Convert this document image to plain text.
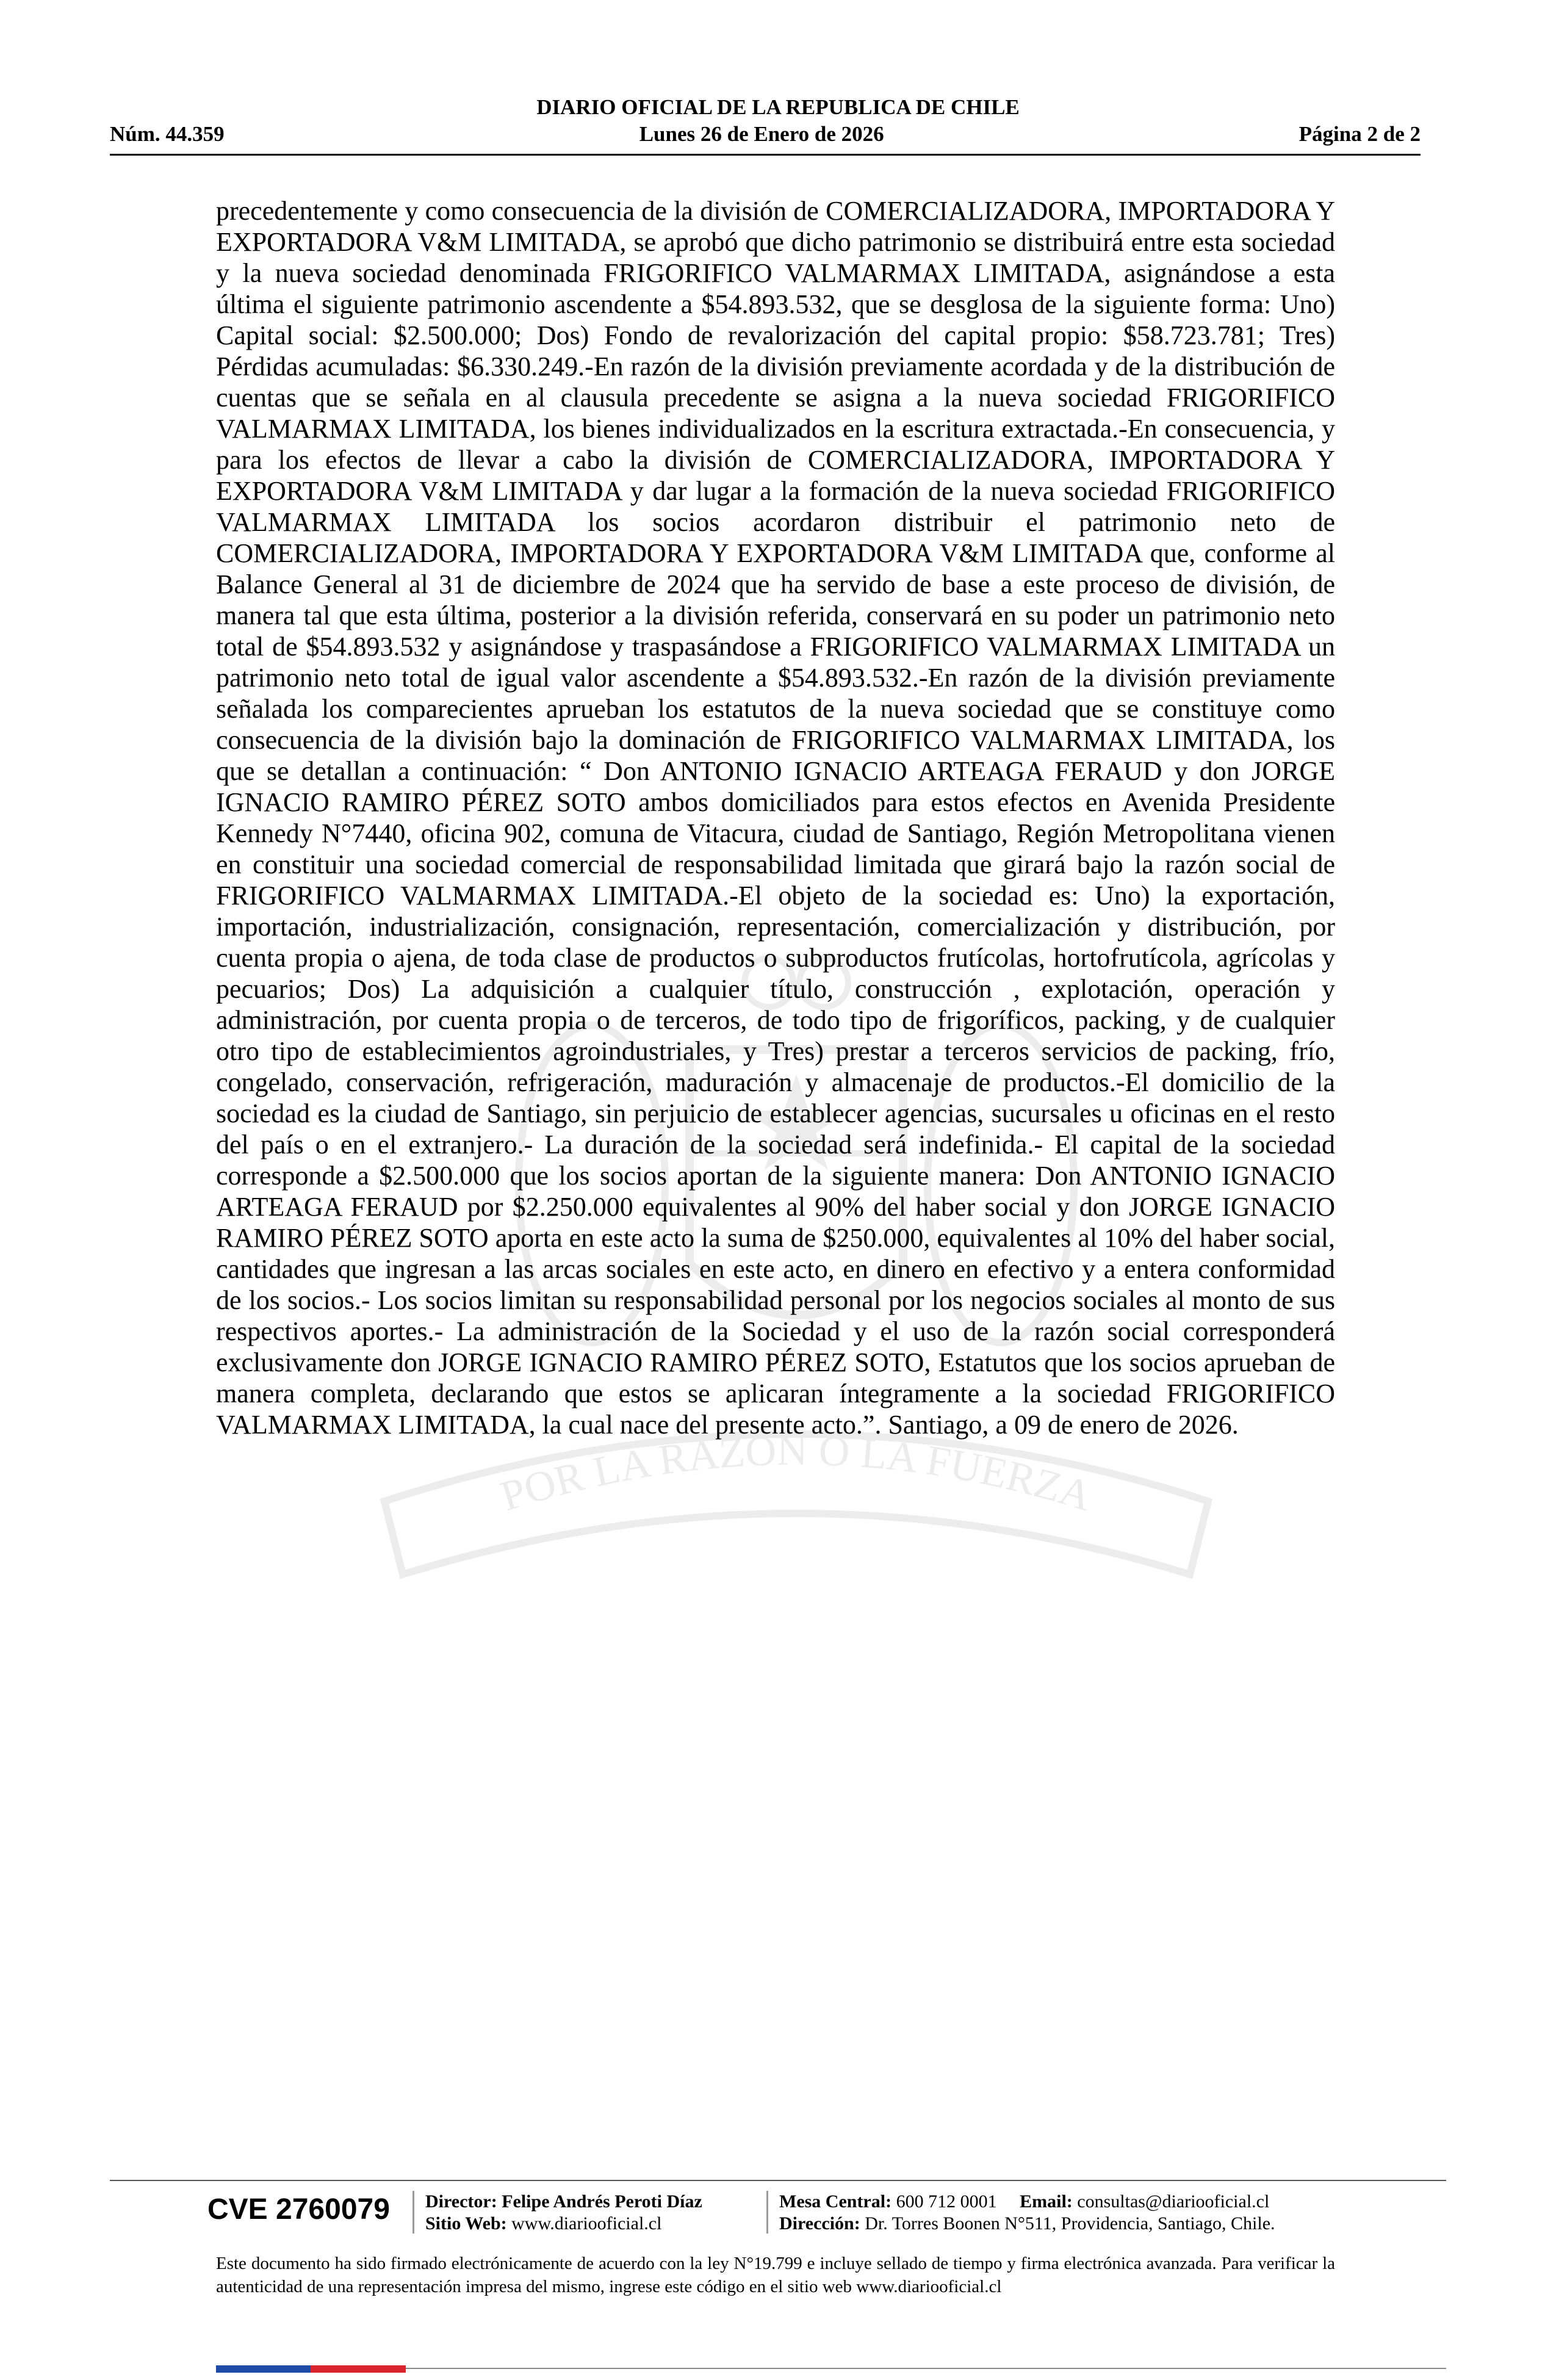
DIARIO OFICIAL DE LA REPUBLICA DE CHILE
Núm. 44.359	Lunes 26 de Enero de 2026	Página 2 de 2
POR LA RAZÓN O LA FUERZA
precedentemente y como consecuencia de la división de COMERCIALIZADORA, IMPORTADORA Y EXPORTADORA V&M LIMITADA, se aprobó que dicho patrimonio se distribuirá entre esta sociedad y la nueva sociedad denominada FRIGORIFICO VALMARMAX LIMITADA, asignándose a esta última el siguiente patrimonio ascendente a $54.893.532, que se desglosa de la siguiente forma: Uno) Capital social: $2.500.000; Dos) Fondo de revalorización del capital propio: $58.723.781; Tres) Pérdidas acumuladas: $6.330.249.-En razón de la división previamente acordada y de la distribución de cuentas que se señala en al clausula precedente se asigna a la nueva sociedad FRIGORIFICO VALMARMAX LIMITADA, los bienes individualizados en la escritura extractada.-En consecuencia, y para los efectos de llevar a cabo la división de COMERCIALIZADORA, IMPORTADORA Y EXPORTADORA V&M LIMITADA y dar lugar a la formación de la nueva sociedad FRIGORIFICO VALMARMAX LIMITADA los socios acordaron distribuir el patrimonio neto de COMERCIALIZADORA, IMPORTADORA Y EXPORTADORA V&M LIMITADA que, conforme al Balance General al 31 de diciembre de 2024 que ha servido de base a este proceso de división, de manera tal que esta última, posterior a la división referida, conservará en su poder un patrimonio neto total de $54.893.532 y asignándose y traspasándose a FRIGORIFICO VALMARMAX LIMITADA un patrimonio neto total de igual valor ascendente a $54.893.532.-En razón de la división previamente señalada los comparecientes aprueban los estatutos de la nueva sociedad que se constituye como consecuencia de la división bajo la dominación de FRIGORIFICO VALMARMAX LIMITADA, los que se detallan a continuación: “ Don ANTONIO IGNACIO ARTEAGA FERAUD y don JORGE IGNACIO RAMIRO PÉREZ SOTO ambos domiciliados para estos efectos en Avenida Presidente Kennedy N°7440, oficina 902, comuna de Vitacura, ciudad de Santiago, Región Metropolitana vienen en constituir una sociedad comercial de responsabilidad limitada que girará bajo la razón social de FRIGORIFICO VALMARMAX LIMITADA.-El objeto de la sociedad es: Uno) la exportación, importación, industrialización, consignación, representación, comercialización y distribución, por cuenta propia o ajena, de toda clase de productos o subproductos frutícolas, hortofrutícola, agrícolas y pecuarios; Dos) La adquisición a cualquier título, construcción , explotación, operación y administración, por cuenta propia o de terceros, de todo tipo de frigoríficos, packing, y de cualquier otro tipo de establecimientos agroindustriales, y Tres) prestar a terceros servicios de packing, frío, congelado, conservación, refrigeración, maduración y almacenaje de productos.-El domicilio de la sociedad es la ciudad de Santiago, sin perjuicio de establecer agencias, sucursales u oficinas en el resto del país o en el extranjero.- La duración de la sociedad será indefinida.- El capital de la sociedad corresponde a $2.500.000 que los socios aportan de la siguiente manera: Don ANTONIO IGNACIO ARTEAGA FERAUD por $2.250.000 equivalentes al 90% del haber social y don JORGE IGNACIO RAMIRO PÉREZ SOTO aporta en este acto la suma de $250.000, equivalentes al 10% del haber social, cantidades que ingresan a las arcas sociales en este acto, en dinero en efectivo y a entera conformidad de los socios.- Los socios limitan su responsabilidad personal por los negocios sociales al monto de sus respectivos aportes.- La administración de la Sociedad y el uso de la razón social corresponderá exclusivamente don JORGE IGNACIO RAMIRO PÉREZ SOTO, Estatutos que los socios aprueban de manera completa, declarando que estos se aplicaran íntegramente a la sociedad FRIGORIFICO VALMARMAX LIMITADA, la cual nace del presente acto.”. Santiago, a 09 de enero de 2026.
CVE 2760079	Director: Felipe Andrés Peroti Díaz
Sitio Web: www.diariooficial.cl
Mesa Central: 600 712 0001 Email: consultas@diariooficial.cl
Dirección: Dr. Torres Boonen N°511, Providencia, Santiago, Chile.
Este documento ha sido firmado electrónicamente de acuerdo con la ley N°19.799 e incluye sellado de tiempo y firma electrónica avanzada. Para verificar la autenticidad de una representación impresa del mismo, ingrese este código en el sitio web www.diariooficial.cl
